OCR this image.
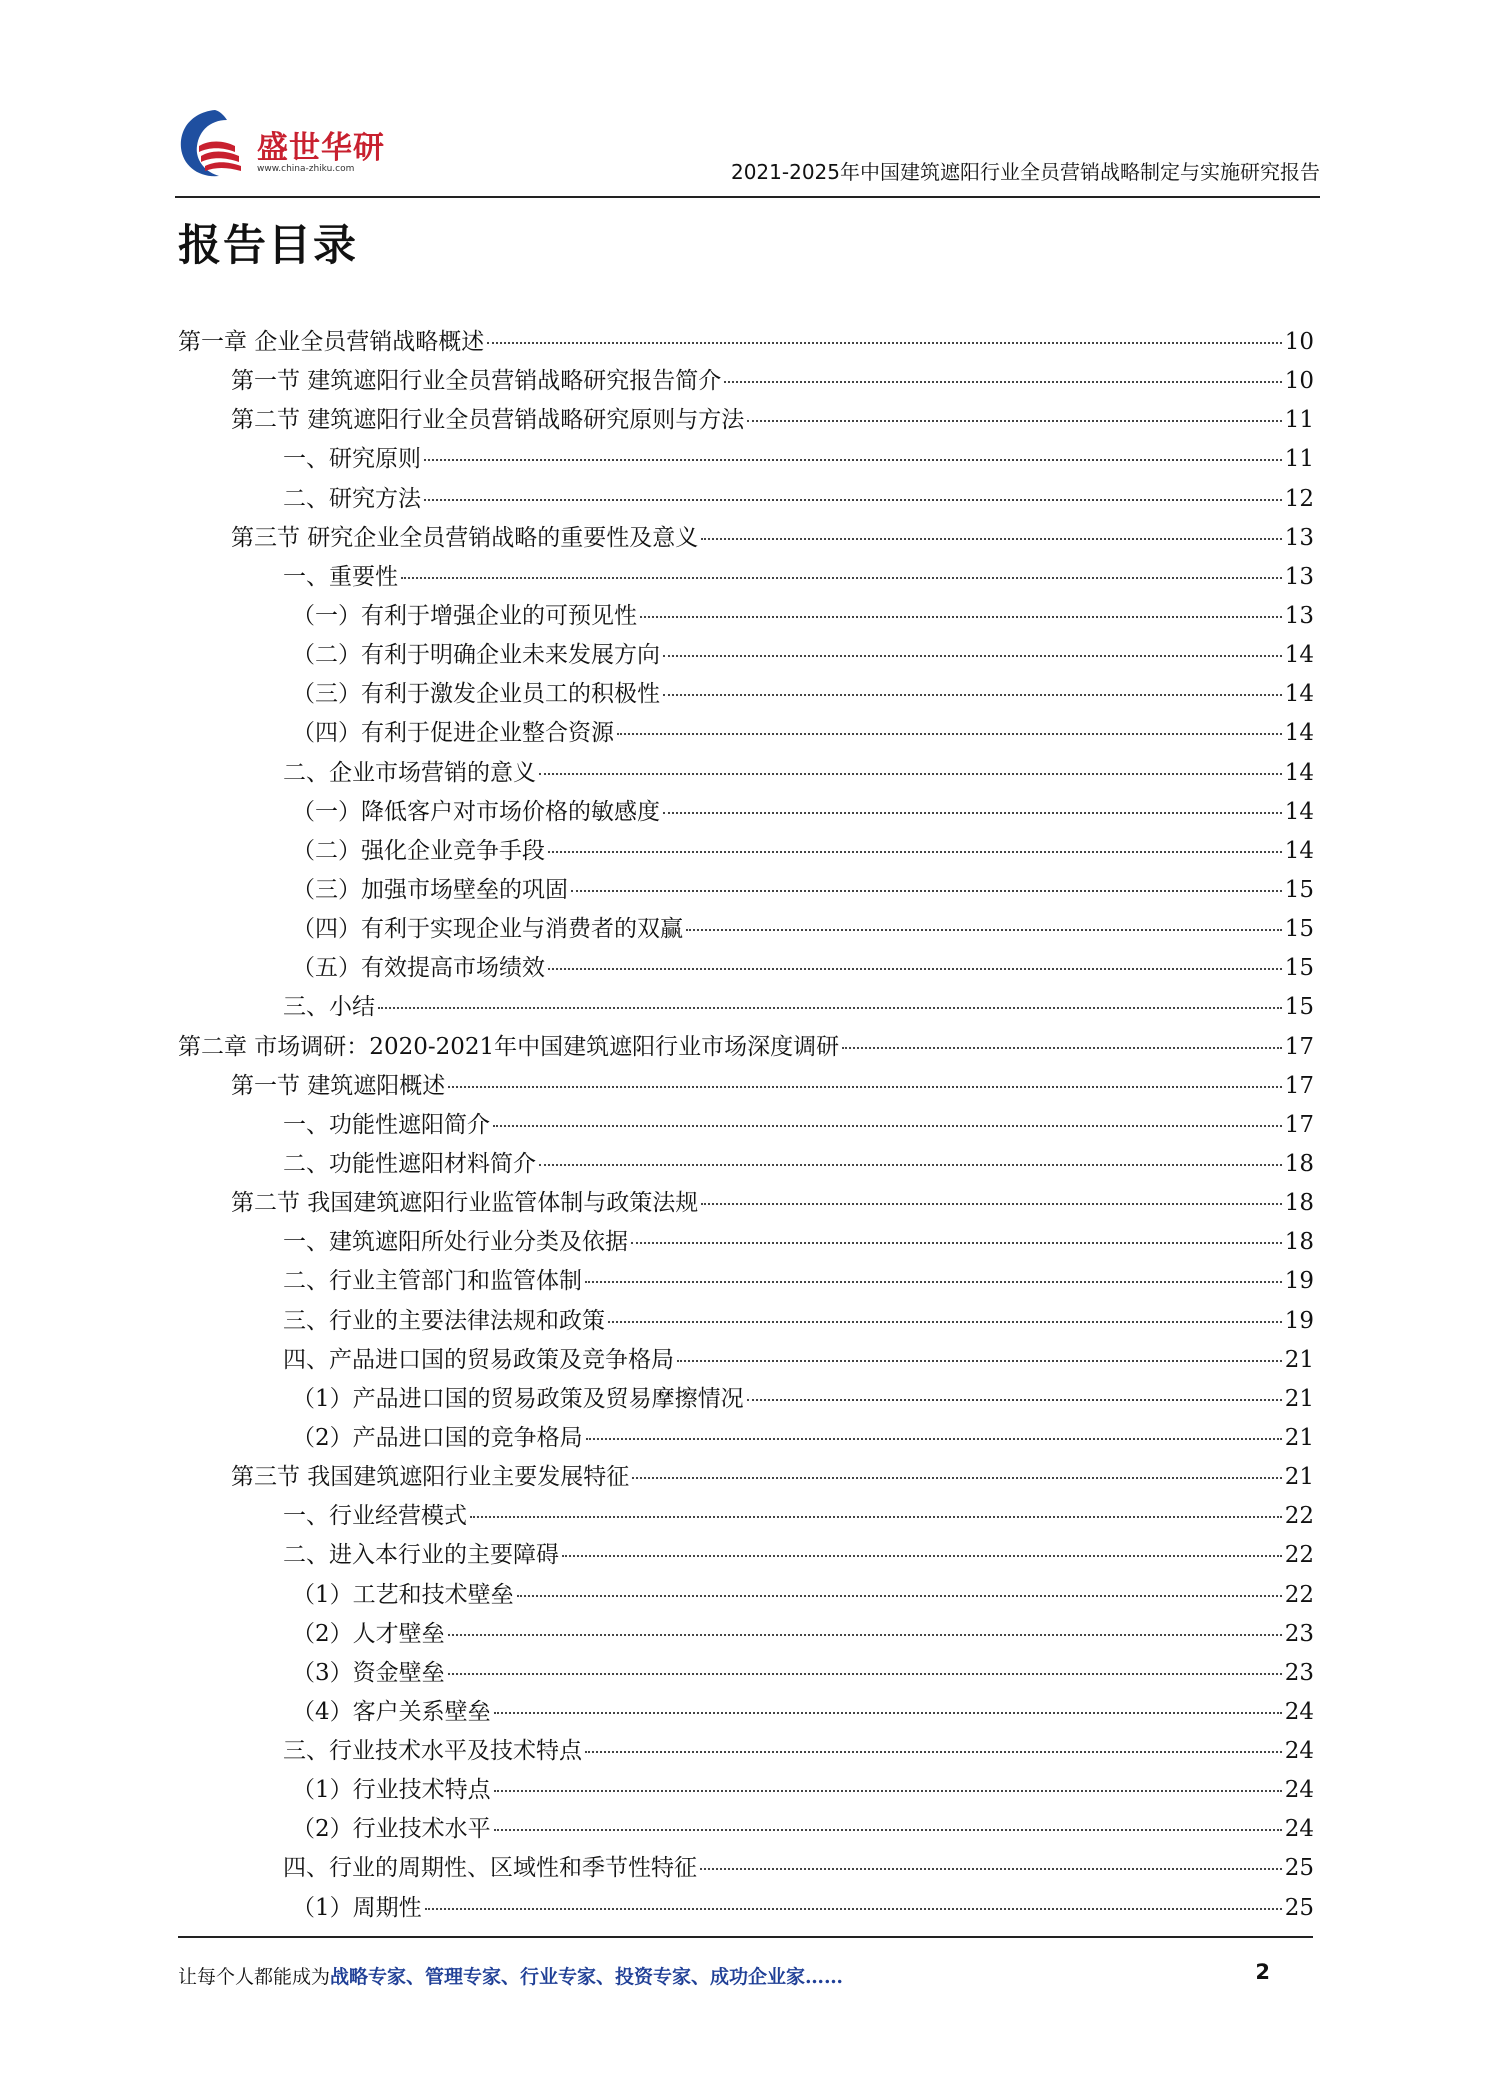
盛世华研
www.china-zhiku.com	2021-2025年中国建筑遮阳行业全员营销战略制定与实施研究报告
报告目录
第一章 企业全员营销战略概述	10
第一节 建筑遮阳行业全员营销战略研究报告简介	10
第二节 建筑遮阳行业全员营销战略研究原则与方法	11
一、研究原则	11
二、研究方法	12
第三节 研究企业全员营销战略的重要性及意义	13
一、重要性	13
（一）有利于增强企业的可预见性	13
（二）有利于明确企业未来发展方向	14
（三）有利于激发企业员工的积极性	14
（四）有利于促进企业整合资源	14
二、企业市场营销的意义	14
（一）降低客户对市场价格的敏感度	14
（二）强化企业竞争手段	14
（三）加强市场壁垒的巩固	15
（四）有利于实现企业与消费者的双赢	15
（五）有效提高市场绩效	15
三、小结	15
第二章 市场调研：2020-2021年中国建筑遮阳行业市场深度调研	17
第一节 建筑遮阳概述	17
一、功能性遮阳简介	17
二、功能性遮阳材料简介	18
第二节 我国建筑遮阳行业监管体制与政策法规	18
一、建筑遮阳所处行业分类及依据	18
二、行业主管部门和监管体制	19
三、行业的主要法律法规和政策	19
四、产品进口国的贸易政策及竞争格局	21
（1）产品进口国的贸易政策及贸易摩擦情况	21
（2）产品进口国的竞争格局	21
第三节 我国建筑遮阳行业主要发展特征	21
一、行业经营模式	22
二、进入本行业的主要障碍	22
（1）工艺和技术壁垒	22
（2）人才壁垒	23
（3）资金壁垒	23
（4）客户关系壁垒	24
三、行业技术水平及技术特点	24
（1）行业技术特点	24
（2）行业技术水平	24
四、行业的周期性、区域性和季节性特征	25
（1）周期性	25
让每个人都能成为战略专家、管理专家、行业专家、投资专家、成功企业家……	2
